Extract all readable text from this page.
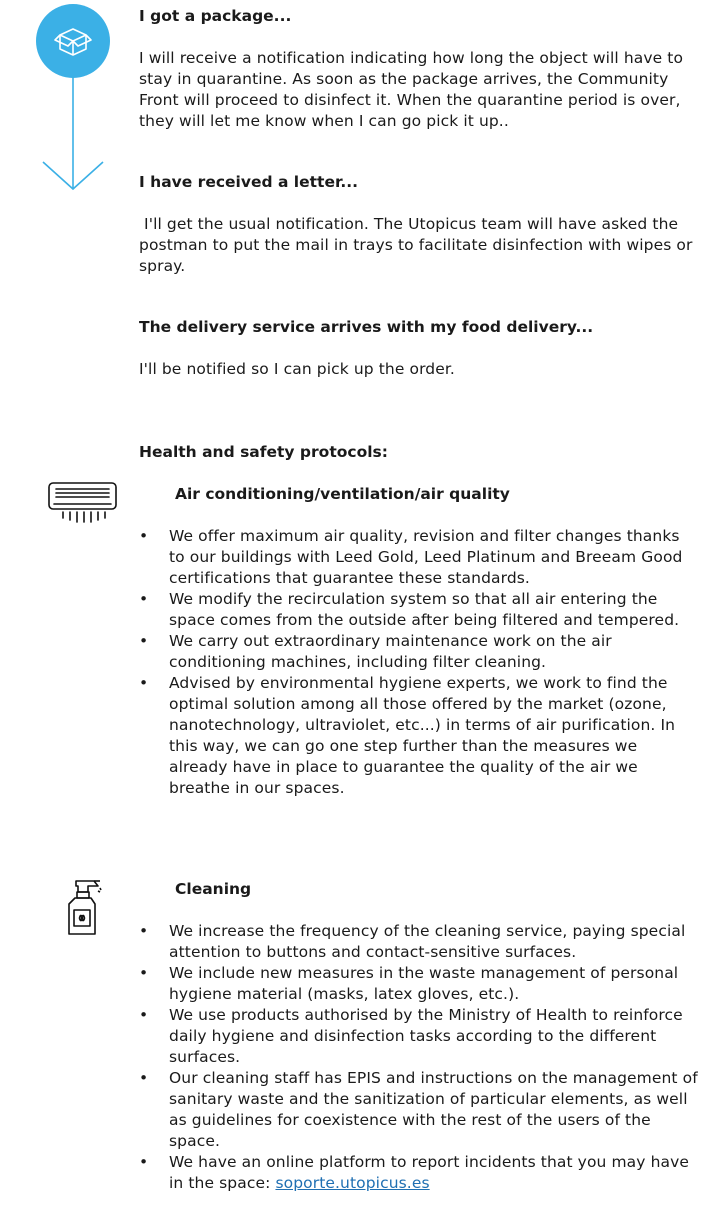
I got a package...

I will receive a notification indicating how long the object will have to stay in quarantine. As soon as the package arrives, the Community Front will proceed to disinfect it. When the quarantine period is over, they will let me know when I can go pick it up..

I have received a letter...

I'll get the usual notification. The Utopicus team will have asked the postman to put the mail in trays to facilitate disinfection with wipes or spray.

The delivery service arrives with my food delivery...

I'll be notified so I can pick up the order.

Health and safety protocols:

Air conditioning/ventilation/air quality

• We offer maximum air quality, revision and filter changes thanks to our buildings with Leed Gold, Leed Platinum and Breeam Good certifications that guarantee these standards.
• We modify the recirculation system so that all air entering the space comes from the outside after being filtered and tempered.
• We carry out extraordinary maintenance work on the air conditioning machines, including filter cleaning.
• Advised by environmental hygiene experts, we work to find the optimal solution among all those offered by the market (ozone, nanotechnology, ultraviolet, etc...) in terms of air purification. In this way, we can go one step further than the measures we already have in place to guarantee the quality of the air we breathe in our spaces.

Cleaning

• We increase the frequency of the cleaning service, paying special attention to buttons and contact-sensitive surfaces.
• We include new measures in the waste management of personal hygiene material (masks, latex gloves, etc.).
• We use products authorised by the Ministry of Health to reinforce daily hygiene and disinfection tasks according to the different surfaces.
• Our cleaning staff has EPIS and instructions on the management of sanitary waste and the sanitization of particular elements, as well as guidelines for coexistence with the rest of the users of the space.
• We have an online platform to report incidents that you may have in the space: soporte.utopicus.es
